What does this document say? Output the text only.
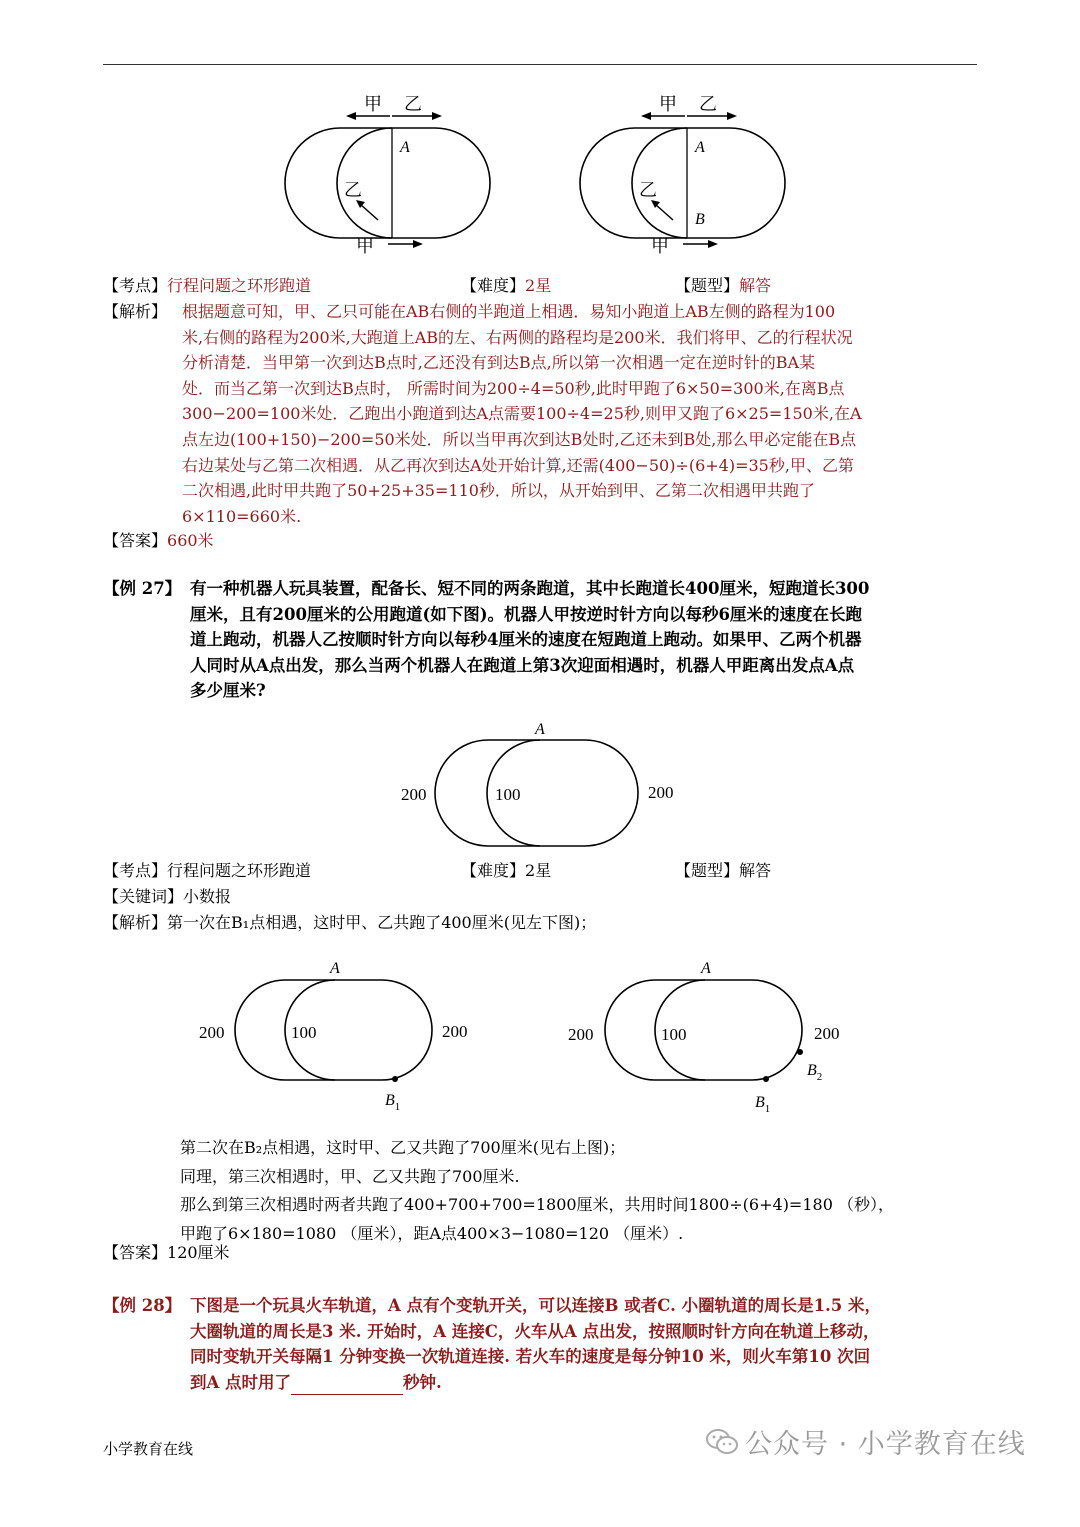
甲 乙
乙
甲
A
甲 乙
乙
甲
A
B
【考点】行程问题之环形跑道	【难度】2星	【题型】解答
【解析】 根据题意可知，甲、乙只可能在AB右侧的半跑道上相遇．易知小跑道上AB左侧的路程为100
米,右侧的路程为200米,大跑道上AB的左、右两侧的路程均是200米．我们将甲、乙的行程状况
分析清楚．当甲第一次到达B点时,乙还没有到达B点,所以第一次相遇一定在逆时针的BA某
处．而当乙第一次到达B点时， 所需时间为200÷4=50秒,此时甲跑了6×50=300米,在离B点
300−200=100米处．乙跑出小跑道到达A点需要100÷4=25秒,则甲又跑了6×25=150米,在A
点左边(100+150)−200=50米处．所以当甲再次到达B处时,乙还未到B处,那么甲必定能在B点
右边某处与乙第二次相遇．从乙再次到达A处开始计算,还需(400−50)÷(6+4)=35秒,甲、乙第
二次相遇,此时甲共跑了50+25+35=110秒．所以，从开始到甲、乙第二次相遇甲共跑了
6×110=660米.
【答案】660米
【例 27】 有一种机器人玩具装置，配备长、短不同的两条跑道，其中长跑道长400厘米，短跑道长300
厘米，且有200厘米的公用跑道(如下图)。机器人甲按逆时针方向以每秒6厘米的速度在长跑
道上跑动，机器人乙按顺时针方向以每秒4厘米的速度在短跑道上跑动。如果甲、乙两个机器
人同时从A点出发，那么当两个机器人在跑道上第3次迎面相遇时，机器人甲距离出发点A点
多少厘米?
A
200	100	200
【考点】行程问题之环形跑道	【难度】2星	【题型】解答
【关键词】小数报
【解析】第一次在B₁点相遇，这时甲、乙共跑了400厘米(见左下图)；
A
200	100	200
$B_1$
A
200	100	200
$B_2$
$B_1$
第二次在B₂点相遇，这时甲、乙又共跑了700厘米(见右上图)；
同理，第三次相遇时，甲、乙又共跑了700厘米.
那么到第三次相遇时两者共跑了400+700+700=1800厘米，共用时间1800÷(6+4)=180 （秒），
甲跑了6×180=1080 （厘米），距A点400×3−1080=120 （厘米）.
【答案】120厘米
【例 28】 下图是一个玩具火车轨道，A 点有个变轨开关，可以连接B 或者C. 小圈轨道的周长是1.5 米，
大圈轨道的周长是3 米. 开始时，A 连接C，火车从A 点出发，按照顺时针方向在轨道上移动，
同时变轨开关每隔1 分钟变换一次轨道连接. 若火车的速度是每分钟10 米，则火车第10 次回
到A 点时用了	秒钟.
小学教育在线	公众号 · 小学教育在线
